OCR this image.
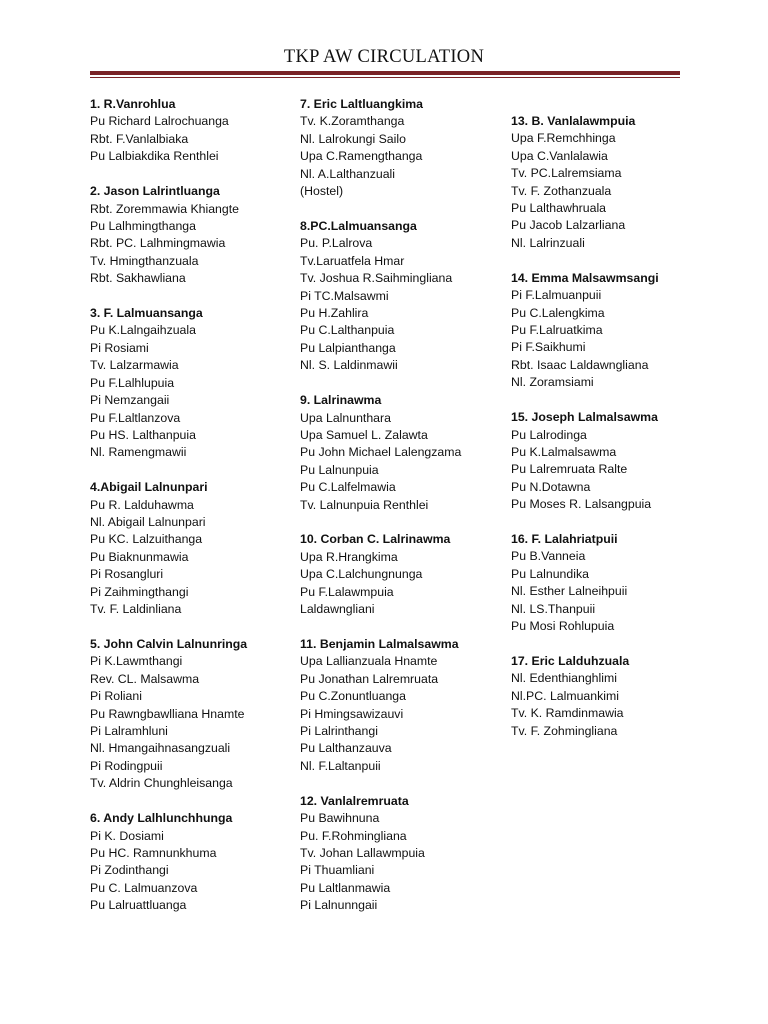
TKP AW CIRCULATION
1. R.Vanrohlua
Pu Richard Lalrochuanga
Rbt. F.Vanlalbiaka
Pu Lalbiakdika Renthlei
2. Jason Lalrintluanga
Rbt. Zoremmawia Khiangte
Pu Lalhmingthanga
Rbt. PC. Lalhmingmawia
Tv. Hmingthanzuala
Rbt. Sakhawliana
3. F. Lalmuansanga
Pu K.Lalngaihzuala
Pi Rosiami
Tv. Lalzarmawia
Pu F.Lalhlupuia
Pi Nemzangaii
Pu F.Laltlanzova
Pu HS. Lalthanpuia
Nl. Ramengmawii
4.Abigail Lalnunpari
Pu R. Lalduhawma
Nl. Abigail Lalnunpari
Pu KC. Lalzuithanga
Pu Biaknunmawia
Pi Rosangluri
Pi Zaihmingthangi
Tv. F. Laldinliana
5. John Calvin Lalnunringa
Pi K.Lawmthangi
Rev. CL. Malsawma
Pi Roliani
Pu Rawngbawlliana Hnamte
Pi Lalramhluni
Nl. Hmangaihnasangzuali
Pi Rodingpuii
Tv. Aldrin Chunghleisanga
6. Andy Lalhlunchhunga
Pi K. Dosiami
Pu HC. Ramnunkhuma
Pi Zodinthangi
Pu C. Lalmuanzova
Pu Lalruattluanga
7. Eric Laltluangkima
Tv. K.Zoramthanga
Nl. Lalrokungi Sailo
Upa C.Ramengthanga
Nl. A.Lalthanzuali
(Hostel)
8.PC.Lalmuansanga
Pu. P.Lalrova
Tv.Laruatfela Hmar
Tv. Joshua R.Saihmingliana
Pi TC.Malsawmi
Pu H.Zahlira
Pu C.Lalthanpuia
Pu Lalpianthanga
Nl. S. Laldinmawii
9. Lalrinawma
Upa Lalnunthara
Upa Samuel L. Zalawta
Pu John Michael Lalengzama
Pu Lalnunpuia
Pu C.Lalfelmawia
Tv. Lalnunpuia Renthlei
10. Corban C. Lalrinawma
Upa R.Hrangkima
Upa C.Lalchungnunga
Pu F.Lalawmpuia
Laldawngliani
11. Benjamin Lalmalsawma
Upa Lallianzuala Hnamte
Pu Jonathan Lalremruata
Pu C.Zonuntluanga
Pi Hmingsawizauvi
Pi Lalrinthangi
Pu Lalthanzauva
Nl. F.Laltanpuii
12. Vanlalremruata
Pu Bawihnuna
Pu. F.Rohmingliana
Tv. Johan Lallawmpuia
Pi Thuamliani
Pu Laltlanmawia
Pi Lalnunngaii
13. B. Vanlalawmpuia
Upa F.Remchhinga
Upa C.Vanlalawia
Tv. PC.Lalremsiama
Tv. F. Zothanzuala
Pu Lalthawhruala
Pu Jacob Lalzarliana
Nl. Lalrinzuali
14. Emma Malsawmsangi
Pi F.Lalmuanpuii
Pu C.Lalengkima
Pu F.Lalruatkima
Pi F.Saikhumi
Rbt. Isaac Laldawngliana
Nl. Zoramsiami
15. Joseph Lalmalsawma
Pu Lalrodinga
Pu K.Lalmalsawma
Pu Lalremruata Ralte
Pu N.Dotawna
Pu Moses R. Lalsangpuia
16. F. Lalahriatpuii
Pu B.Vanneia
Pu Lalnundika
Nl. Esther Lalneihpuii
Nl. LS.Thanpuii
Pu Mosi Rohlupuia
17. Eric Lalduhzuala
Nl. Edenthianghlimi
Nl.PC. Lalmuankimi
Tv. K. Ramdinmawia
Tv. F. Zohmingliana
